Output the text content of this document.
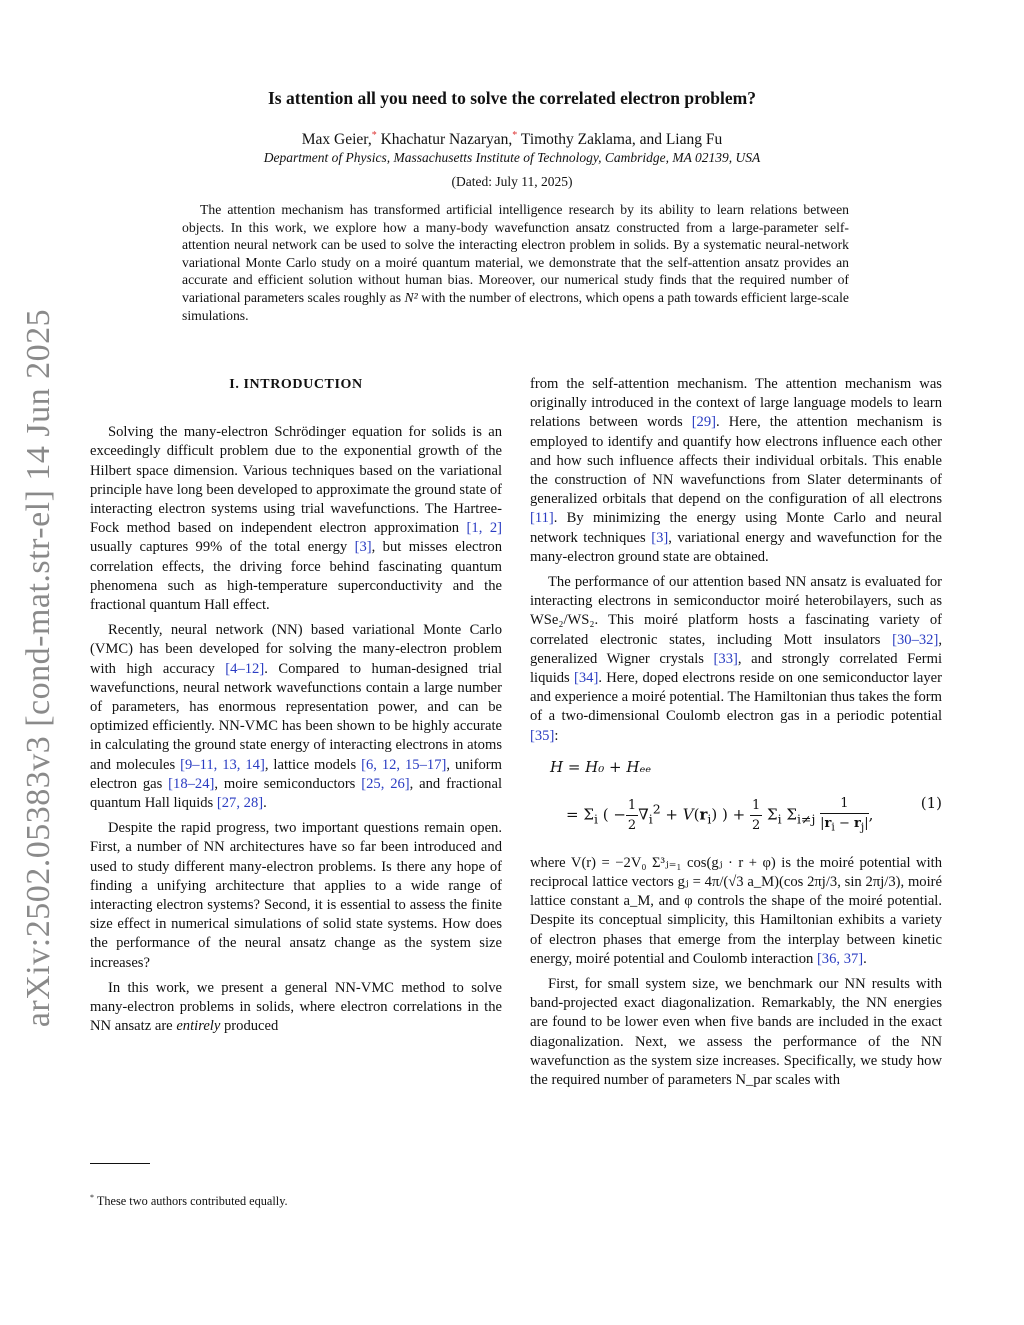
arXiv:2502.05383v3 [cond-mat.str-el] 14 Jun 2025
Is attention all you need to solve the correlated electron problem?
Max Geier,* Khachatur Nazaryan,* Timothy Zaklama, and Liang Fu
Department of Physics, Massachusetts Institute of Technology, Cambridge, MA 02139, USA
(Dated: July 11, 2025)
The attention mechanism has transformed artificial intelligence research by its ability to learn relations between objects. In this work, we explore how a many-body wavefunction ansatz constructed from a large-parameter self-attention neural network can be used to solve the interacting electron problem in solids. By a systematic neural-network variational Monte Carlo study on a moiré quantum material, we demonstrate that the self-attention ansatz provides an accurate and efficient solution without human bias. Moreover, our numerical study finds that the required number of variational parameters scales roughly as N² with the number of electrons, which opens a path towards efficient large-scale simulations.
I. INTRODUCTION

Solving the many-electron Schrödinger equation for solids is an exceedingly difficult problem due to the exponential growth of the Hilbert space dimension. Various techniques based on the variational principle have long been developed to approximate the ground state of interacting electron systems using trial wavefunctions. The Hartree-Fock method based on independent electron approximation [1, 2] usually captures 99% of the total energy [3], but misses electron correlation effects, the driving force behind fascinating quantum phenomena such as high-temperature superconductivity and the fractional quantum Hall effect.

Recently, neural network (NN) based variational Monte Carlo (VMC) has been developed for solving the many-electron problem with high accuracy [4–12]. Compared to human-designed trial wavefunctions, neural network wavefunctions contain a large number of parameters, has enormous representation power, and can be optimized efficiently. NN-VMC has been shown to be highly accurate in calculating the ground state energy of interacting electrons in atoms and molecules [9–11, 13, 14], lattice models [6, 12, 15–17], uniform electron gas [18–24], moire semiconductors [25, 26], and fractional quantum Hall liquids [27, 28].

Despite the rapid progress, two important questions remain open. First, a number of NN architectures have so far been introduced and used to study different many-electron problems. Is there any hope of finding a unifying architecture that applies to a wide range of interacting electron systems? Second, it is essential to assess the finite size effect in numerical simulations of solid state systems. How does the performance of the neural ansatz change as the system size increases?

In this work, we present a general NN-VMC method to solve many-electron problems in solids, where electron correlations in the NN ansatz are entirely produced

from the self-attention mechanism. The attention mechanism was originally introduced in the context of large language models to learn relations between words [29]. Here, the attention mechanism is employed to identify and quantify how electrons influence each other and how such influence affects their individual orbitals. This enable the construction of NN wavefunctions from Slater determinants of generalized orbitals that depend on the configuration of all electrons [11]. By minimizing the energy using Monte Carlo and neural network techniques [3], variational energy and wavefunction for the many-electron ground state are obtained.

The performance of our attention based NN ansatz is evaluated for interacting electrons in semiconductor moiré heterobilayers, such as WSe₂/WS₂. This moiré platform hosts a fascinating variety of correlated electronic states, including Mott insulators [30–32], generalized Wigner crystals [33], and strongly correlated Fermi liquids [34]. Here, doped electrons reside on one semiconductor layer and experience a moiré potential. The Hamiltonian thus takes the form of a two-dimensional Coulomb electron gas in a periodic potential [35]:

H = H₀ + Hₑₑ
= $\Sigma_i$ ( − $\frac{1}{2} \nabla_i^2 + V(r_i)$ ) + $\frac{1}{2} \Sigma_i$ $\Sigma_{i\ne j} \frac{1}{|r_i - r_j|}$ ,
(1)

where V(r) = −2V₀ Σ³ⱼ₌₁ cos(gⱼ · r + φ) is the moiré potential with reciprocal lattice vectors gⱼ = 4π/(√3 a_M)(cos 2πj/3, sin 2πj/3), moiré lattice constant a_M, and φ controls the shape of the moiré potential. Despite its conceptual simplicity, this Hamiltonian exhibits a variety of electron phases that emerge from the interplay between kinetic energy, moiré potential and Coulomb interaction [36, 37].

First, for small system size, we benchmark our NN results with band-projected exact diagonalization. Remarkably, the NN energies are found to be lower even when five bands are included in the exact diagonalization. Next, we assess the performance of the NN wavefunction as the system size increases. Specifically, we study how the required number of parameters N_par scales with

* These two authors contributed equally.
